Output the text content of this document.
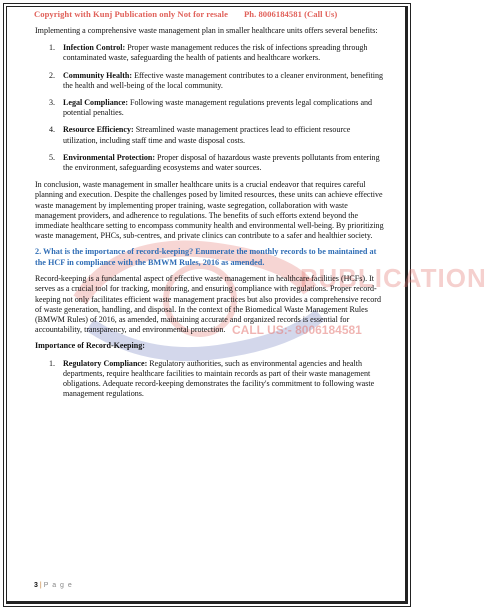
PUBLICATION
CALL US:- 8006184581
Copyright with Kunj Publication only Not for resale Ph. 8006184581 (Call Us)

Implementing a comprehensive waste management plan in smaller healthcare units offers several benefits:

1. Infection Control: Proper waste management reduces the risk of infections spreading through contaminated waste, safeguarding the health of patients and healthcare workers.
2. Community Health: Effective waste management contributes to a cleaner environment, benefiting the health and well-being of the local community.
3. Legal Compliance: Following waste management regulations prevents legal complications and potential penalties.
4. Resource Efficiency: Streamlined waste management practices lead to efficient resource utilization, including staff time and waste disposal costs.
5. Environmental Protection: Proper disposal of hazardous waste prevents pollutants from entering the environment, safeguarding ecosystems and water sources.

In conclusion, waste management in smaller healthcare units is a crucial endeavor that requires careful planning and execution. Despite the challenges posed by limited resources, these units can achieve effective waste management by implementing proper training, waste segregation, collaboration with waste management providers, and adherence to regulations. The benefits of such efforts extend beyond the immediate healthcare setting to encompass community health and environmental well-being. By prioritizing waste management, PHCs, sub-centres, and private clinics can contribute to a safer and healthier society.

2. What is the importance of record-keeping? Enumerate the monthly records to be maintained at the HCF in compliance with the BMWM Rules, 2016 as amended.

Record-keeping is a fundamental aspect of effective waste management in healthcare facilities (HCFs). It serves as a crucial tool for tracking, monitoring, and ensuring compliance with regulations. Proper record-keeping not only facilitates efficient waste management practices but also provides a comprehensive record of waste generation, handling, and disposal. In the context of the Biomedical Waste Management Rules (BMWM Rules) of 2016, as amended, maintaining accurate and organized records is essential for accountability, transparency, and environmental protection.

Importance of Record-Keeping:

1. Regulatory Compliance: Regulatory authorities, such as environmental agencies and health departments, require healthcare facilities to maintain records as part of their waste management obligations. Adequate record-keeping demonstrates the facility's commitment to following waste management regulations.
3 | P a g e
